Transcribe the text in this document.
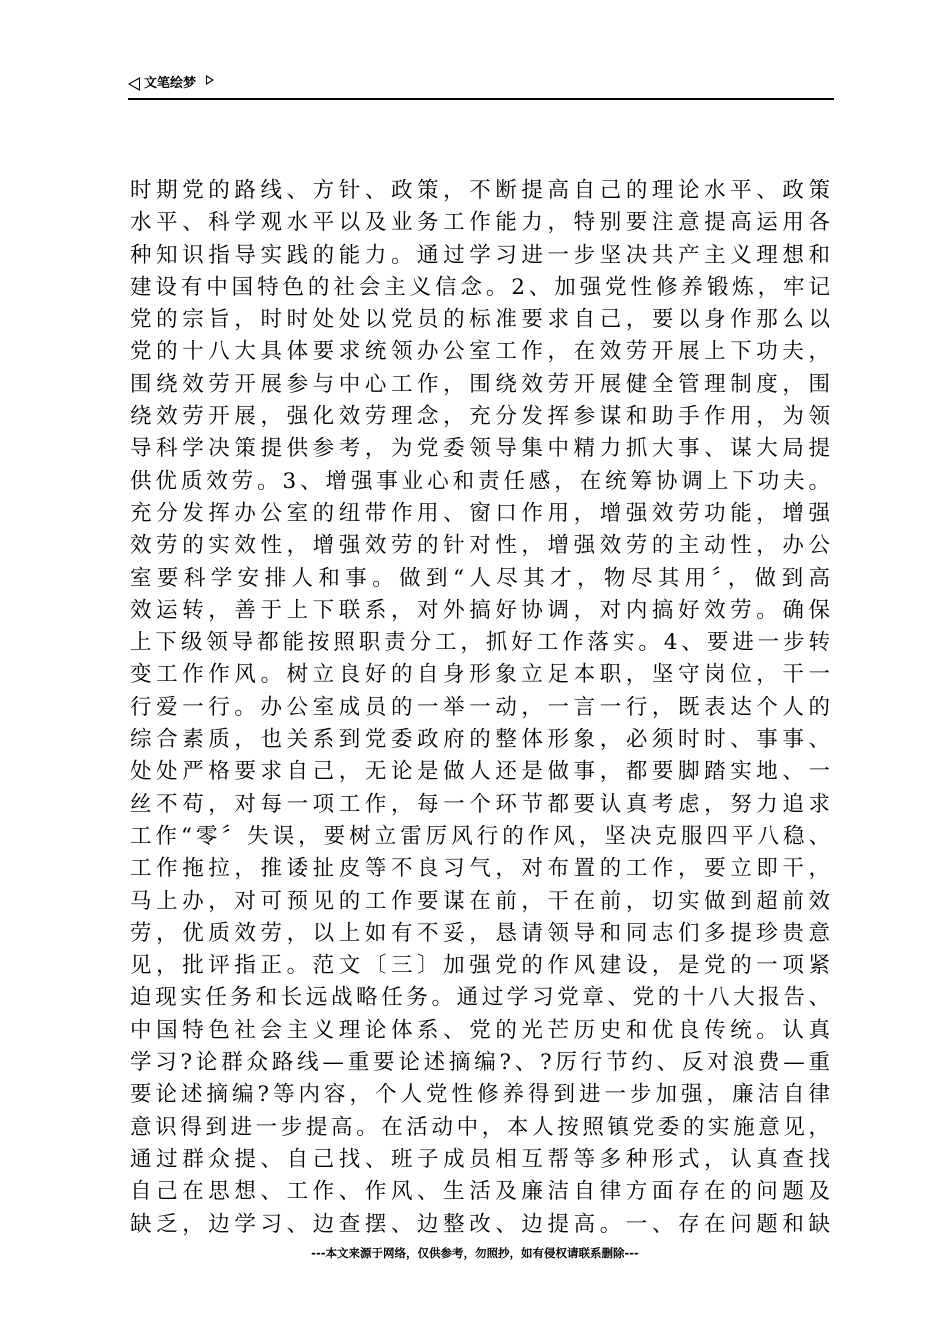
文笔绘梦
时期党的路线、方针、政策，不断提高自己的理论水平、政策
水平、科学观水平以及业务工作能力，特别要注意提高运用各
种知识指导实践的能力。通过学习进一步坚决共产主义理想和
建设有中国特色的社会主义信念。2、加强党性修养锻炼，牢记
党的宗旨，时时处处以党员的标准要求自己，要以身作那么以
党的十八大具体要求统领办公室工作，在效劳开展上下功夫，
围绕效劳开展参与中心工作，围绕效劳开展健全管理制度，围
绕效劳开展，强化效劳理念，充分发挥参谋和助手作用，为领
导科学决策提供参考，为党委领导集中精力抓大事、谋大局提
供优质效劳。3、增强事业心和责任感，在统筹协调上下功夫。
充分发挥办公室的纽带作用、窗口作用，增强效劳功能，增强
效劳的实效性，增强效劳的针对性，增强效劳的主动性，办公
室要科学安排人和事。做到“人尽其才，物尽其用〞，做到高
效运转，善于上下联系，对外搞好协调，对内搞好效劳。确保
上下级领导都能按照职责分工，抓好工作落实。4、要进一步转
变工作作风。树立良好的自身形象立足本职，坚守岗位，干一
行爱一行。办公室成员的一举一动，一言一行，既表达个人的
综合素质，也关系到党委政府的整体形象，必须时时、事事、
处处严格要求自己，无论是做人还是做事，都要脚踏实地、一
丝不苟，对每一项工作，每一个环节都要认真考虑，努力追求
工作“零〞失误，要树立雷厉风行的作风，坚决克服四平八稳、
工作拖拉，推诿扯皮等不良习气，对布置的工作，要立即干，
马上办，对可预见的工作要谋在前，干在前，切实做到超前效
劳，优质效劳，以上如有不妥，恳请领导和同志们多提珍贵意
见，批评指正。范文〔三〕加强党的作风建设，是党的一项紧
迫现实任务和长远战略任务。通过学习党章、党的十八大报告、
中国特色社会主义理论体系、党的光芒历史和优良传统。认真
学习?论群众路线—重要论述摘编?、?厉行节约、反对浪费—重
要论述摘编?等内容，个人党性修养得到进一步加强，廉洁自律
意识得到进一步提高。在活动中，本人按照镇党委的实施意见，
通过群众提、自己找、班子成员相互帮等多种形式，认真查找
自己在思想、工作、作风、生活及廉洁自律方面存在的问题及
缺乏，边学习、边查摆、边整改、边提高。一、存在问题和缺
---本文来源于网络，仅供参考，勿照抄，如有侵权请联系删除---
